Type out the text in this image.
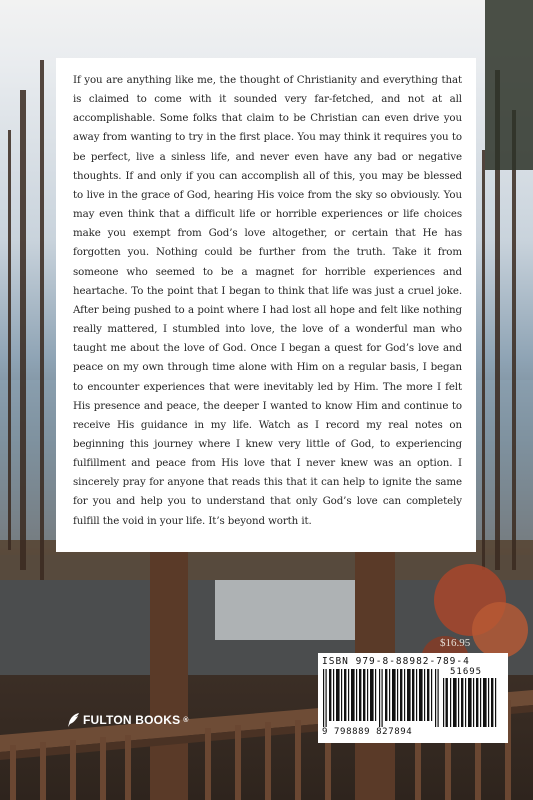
If you are anything like me, the thought of Christianity and everything that is claimed to come with it sounded very far-fetched, and not at all accomplishable. Some folks that claim to be Christian can even drive you away from wanting to try in the first place. You may think it requires you to be perfect, live a sinless life, and never even have any bad or negative thoughts. If and only if you can accomplish all of this, you may be blessed to live in the grace of God, hearing His voice from the sky so obviously. You may even think that a difficult life or horrible experiences or life choices make you exempt from God’s love altogether, or certain that He has forgotten you. Nothing could be further from the truth. Take it from someone who seemed to be a magnet for horrible experiences and heartache. To the point that I began to think that life was just a cruel joke. After being pushed to a point where I had lost all hope and felt like nothing really mattered, I stumbled into love, the love of a wonderful man who taught me about the love of God. Once I began a quest for God’s love and peace on my own through time alone with Him on a regular basis, I began to encounter experiences that were inevitably led by Him. The more I felt His presence and peace, the deeper I wanted to know Him and continue to receive His guidance in my life. Watch as I record my real notes on beginning this journey where I knew very little of God, to experiencing fulfillment and peace from His love that I never knew was an option. I sincerely pray for anyone that reads this that it can help to ignite the same for you and help you to understand that only God’s love can completely fulfill the void in your life. It’s beyond worth it.

$16.95
ISBN 979-8-88982-789-4
51695
9 798889 827894
FULTON BOOKS ®
